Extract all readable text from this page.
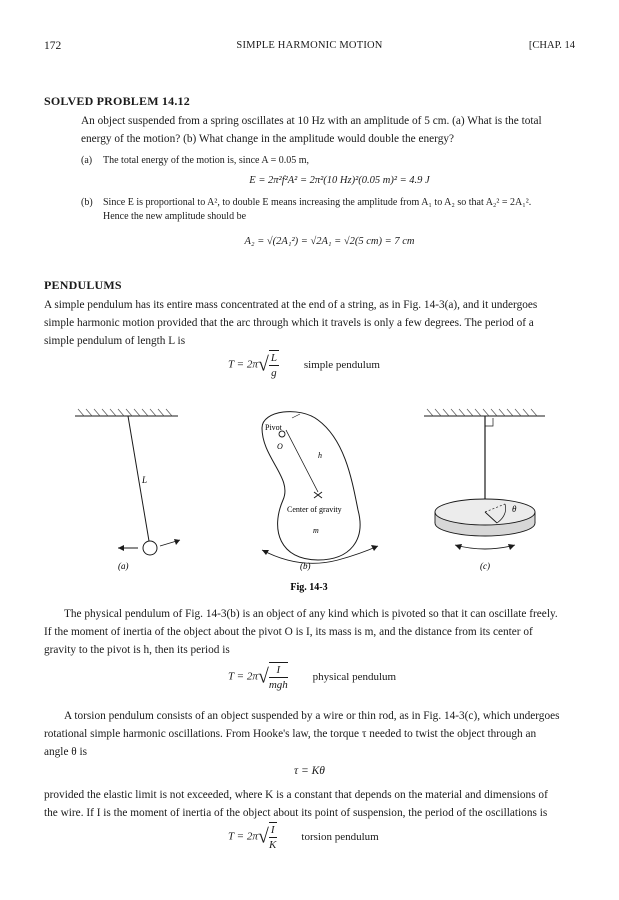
172	SIMPLE HARMONIC MOTION	[CHAP. 14
SOLVED PROBLEM 14.12
An object suspended from a spring oscillates at 10 Hz with an amplitude of 5 cm. (a) What is the total
energy of the motion? (b) What change in the amplitude would double the energy?
(a) The total energy of the motion is, since A = 0.05 m,
E = 2π²f²A² = 2π²(10 Hz)²(0.05 m)² = 4.9 J
(b) Since E is proportional to A², to double E means increasing the amplitude from A₁ to A₂ so that A₂² = 2A₁².
Hence the new amplitude should be
A₂ = √(2A₁²) = √2A₁ = √2(5 cm) = 7 cm
PENDULUMS
A simple pendulum has its entire mass concentrated at the end of a string, as in Fig. 14-3(a), and it undergoes
simple harmonic motion provided that the arc through which it travels is only a few degrees. The period of a
simple pendulum of length L is
$T = 2\pi√ \frac{L}{g}$ simple pendulum
L
(a)
Pivot
O
h
Center of gravity
m
(b)
θ
(c)
Fig. 14-3
The physical pendulum of Fig. 14-3(b) is an object of any kind which is pivoted so that it can oscillate freely.
If the moment of inertia of the object about the pivot O is I, its mass is m, and the distance from its center of
gravity to the pivot is h, then its period is
$T = 2\pi√ \frac{I}{\text{mgh}}$ physical pendulum
A torsion pendulum consists of an object suspended by a wire or thin rod, as in Fig. 14-3(c), which undergoes
rotational simple harmonic oscillations. From Hooke's law, the torque τ needed to twist the object through an
angle θ is
τ = Kθ
provided the elastic limit is not exceeded, where K is a constant that depends on the material and dimensions of
the wire. If I is the moment of inertia of the object about its point of suspension, the period of the oscillations is
$T = 2\pi√ \frac{I}{K}$ torsion pendulum
